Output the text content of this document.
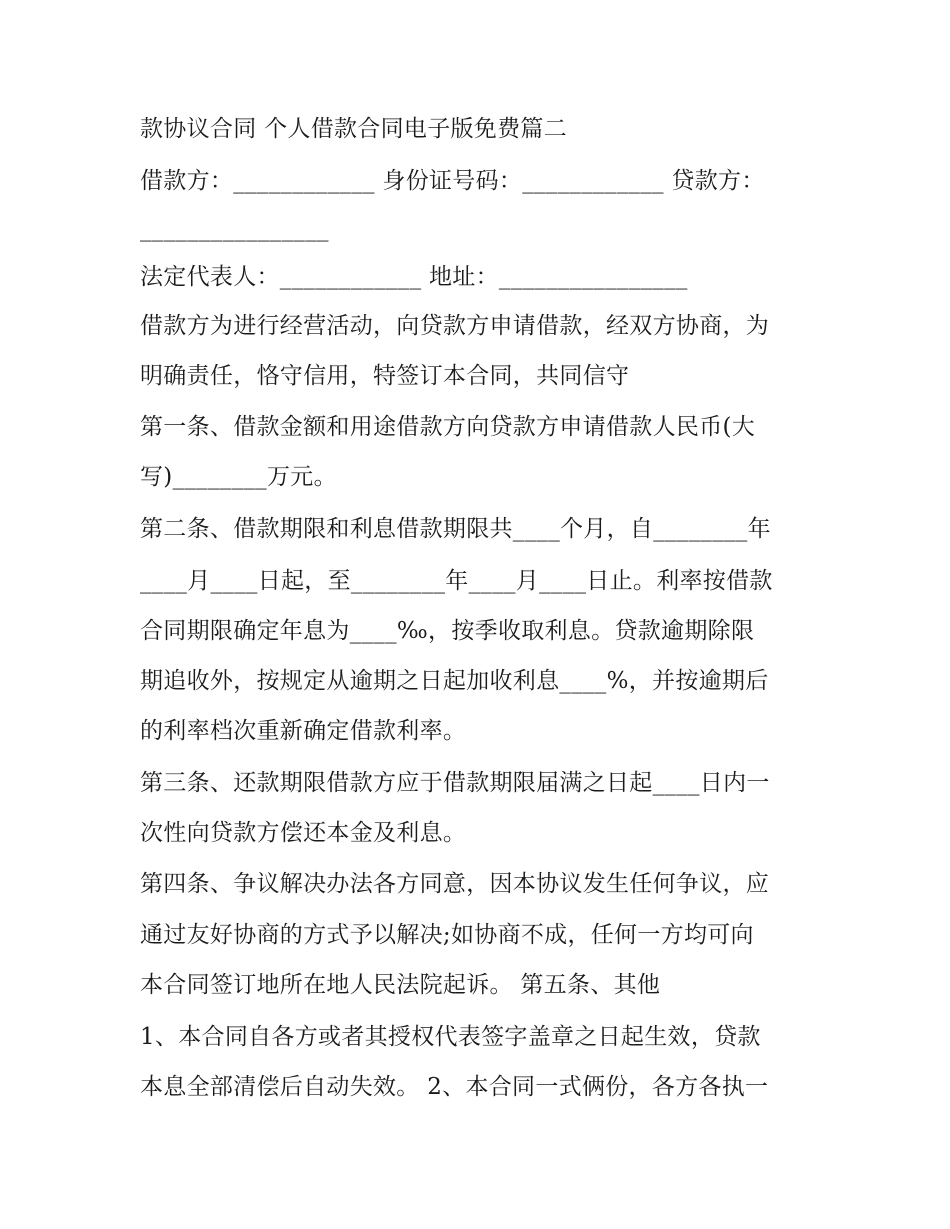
款协议合同 个人借款合同电子版免费篇二
借款方：____________ 身份证号码：____________ 贷款方：
________________
法定代表人：____________ 地址：________________
借款方为进行经营活动，向贷款方申请借款，经双方协商，为
明确责任，恪守信用，特签订本合同，共同信守
第一条、借款金额和用途借款方向贷款方申请借款人民币(大
写)________万元。
第二条、借款期限和利息借款期限共____个月，自________年
____月____日起，至________年____月____日止。利率按借款
合同期限确定年息为____‰，按季收取利息。贷款逾期除限
期追收外，按规定从逾期之日起加收利息____%，并按逾期后
的利率档次重新确定借款利率。
第三条、还款期限借款方应于借款期限届满之日起____日内一
次性向贷款方偿还本金及利息。
第四条、争议解决办法各方同意，因本协议发生任何争议，应
通过友好协商的方式予以解决;如协商不成，任何一方均可向
本合同签订地所在地人民法院起诉。 第五条、其他
1、本合同自各方或者其授权代表签字盖章之日起生效，贷款
本息全部清偿后自动失效。 2、本合同一式俩份，各方各执一
